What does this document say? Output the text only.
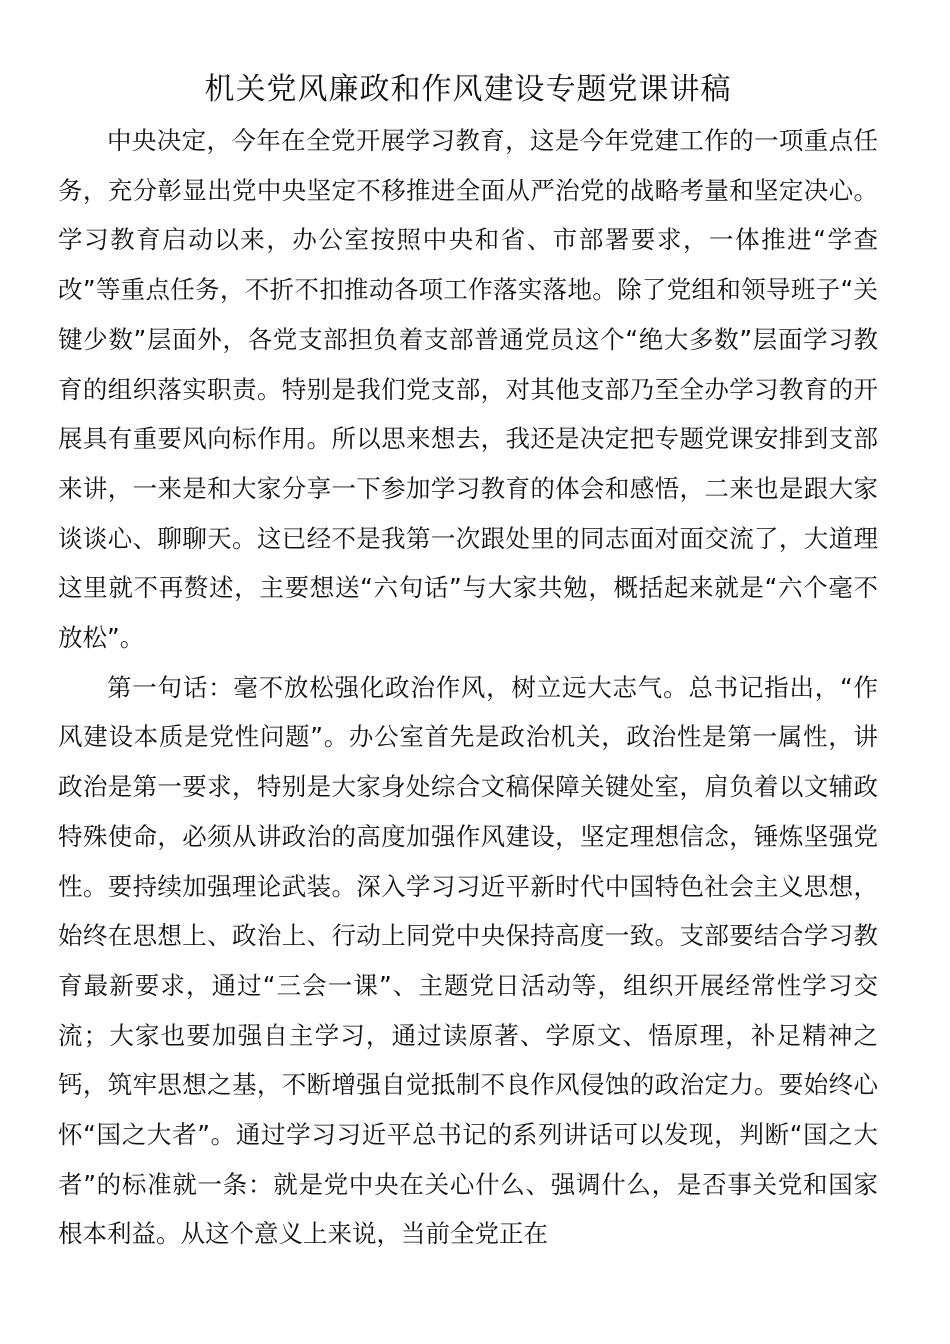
机关党风廉政和作风建设专题党课讲稿

中央决定，今年在全党开展学习教育，这是今年党建工作的一项重点任务，充分彰显出党中央坚定不移推进全面从严治党的战略考量和坚定决心。学习教育启动以来，办公室按照中央和省、市部署要求，一体推进“学查改”等重点任务，不折不扣推动各项工作落实落地。除了党组和领导班子“关键少数”层面外，各党支部担负着支部普通党员这个“绝大多数”层面学习教育的组织落实职责。特别是我们党支部，对其他支部乃至全办学习教育的开展具有重要风向标作用。所以思来想去，我还是决定把专题党课安排到支部来讲，一来是和大家分享一下参加学习教育的体会和感悟，二来也是跟大家谈谈心、聊聊天。这已经不是我第一次跟处里的同志面对面交流了，大道理这里就不再赘述，主要想送“六句话”与大家共勉，概括起来就是“六个毫不放松”。

第一句话：毫不放松强化政治作风，树立远大志气。总书记指出，“作风建设本质是党性问题”。办公室首先是政治机关，政治性是第一属性，讲政治是第一要求，特别是大家身处综合文稿保障关键处室，肩负着以文辅政特殊使命，必须从讲政治的高度加强作风建设，坚定理想信念，锤炼坚强党性。要持续加强理论武装。深入学习习近平新时代中国特色社会主义思想，始终在思想上、政治上、行动上同党中央保持高度一致。支部要结合学习教育最新要求，通过“三会一课”、主题党日活动等，组织开展经常性学习交流；大家也要加强自主学习，通过读原著、学原文、悟原理，补足精神之钙，筑牢思想之基，不断增强自觉抵制不良作风侵蚀的政治定力。要始终心怀“国之大者”。通过学习习近平总书记的系列讲话可以发现，判断“国之大者”的标准就一条：就是党中央在关心什么、强调什么，是否事关党和国家根本利益。从这个意义上来说，当前全党正在
